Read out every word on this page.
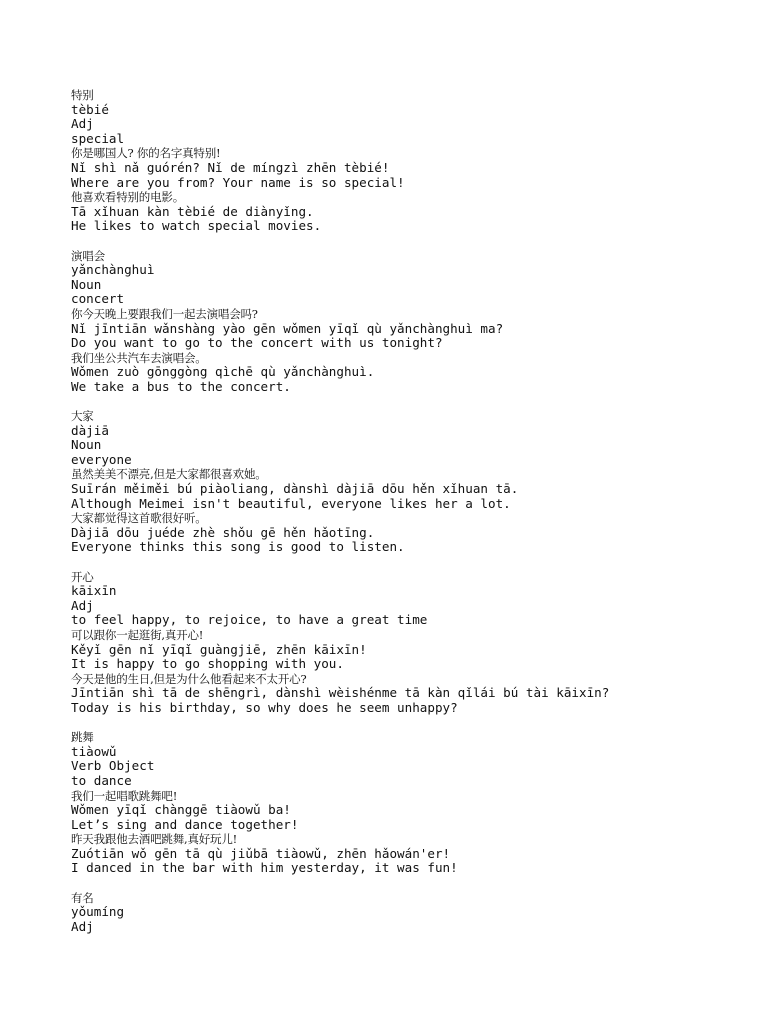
特别
tèbié
Adj
special
你是哪国人? 你的名字真特别!
Nǐ shì nǎ guórén? Nǐ de míngzì zhēn tèbié!
Where are you from? Your name is so special!
他喜欢看特别的电影。
Tā xǐhuan kàn tèbié de diànyǐng.
He likes to watch special movies.
演唱会
yǎnchànghuì
Noun
concert
你今天晚上要跟我们一起去演唱会吗?
Nǐ jīntiān wǎnshàng yào gēn wǒmen yīqǐ qù yǎnchànghuì ma?
Do you want to go to the concert with us tonight?
我们坐公共汽车去演唱会。
Wǒmen zuò gōnggòng qìchē qù yǎnchànghuì.
We take a bus to the concert.
大家
dàjiā
Noun
everyone
虽然美美不漂亮,但是大家都很喜欢她。
Suīrán měiměi bú piàoliang, dànshì dàjiā dōu hěn xǐhuan tā.
Although Meimei isn't beautiful, everyone likes her a lot.
大家都觉得这首歌很好听。
Dàjiā dōu juéde zhè shǒu gē hěn hǎotīng.
Everyone thinks this song is good to listen.
开心
kāixīn
Adj
to feel happy, to rejoice, to have a great time
可以跟你一起逛街,真开心!
Kěyǐ gēn nǐ yīqǐ guàngjiē, zhēn kāixīn!
It is happy to go shopping with you.
今天是他的生日,但是为什么他看起来不太开心?
Jīntiān shì tā de shēngrì, dànshì wèishénme tā kàn qǐlái bú tài kāixīn?
Today is his birthday, so why does he seem unhappy?
跳舞
tiàowǔ
Verb Object
to dance
我们一起唱歌跳舞吧!
Wǒmen yīqǐ chànggē tiàowǔ ba!
Let’s sing and dance together!
昨天我跟他去酒吧跳舞,真好玩儿!
Zuótiān wǒ gēn tā qù jiǔbā tiàowǔ, zhēn hǎowán'er!
I danced in the bar with him yesterday, it was fun!
有名
yǒumíng
Adj
